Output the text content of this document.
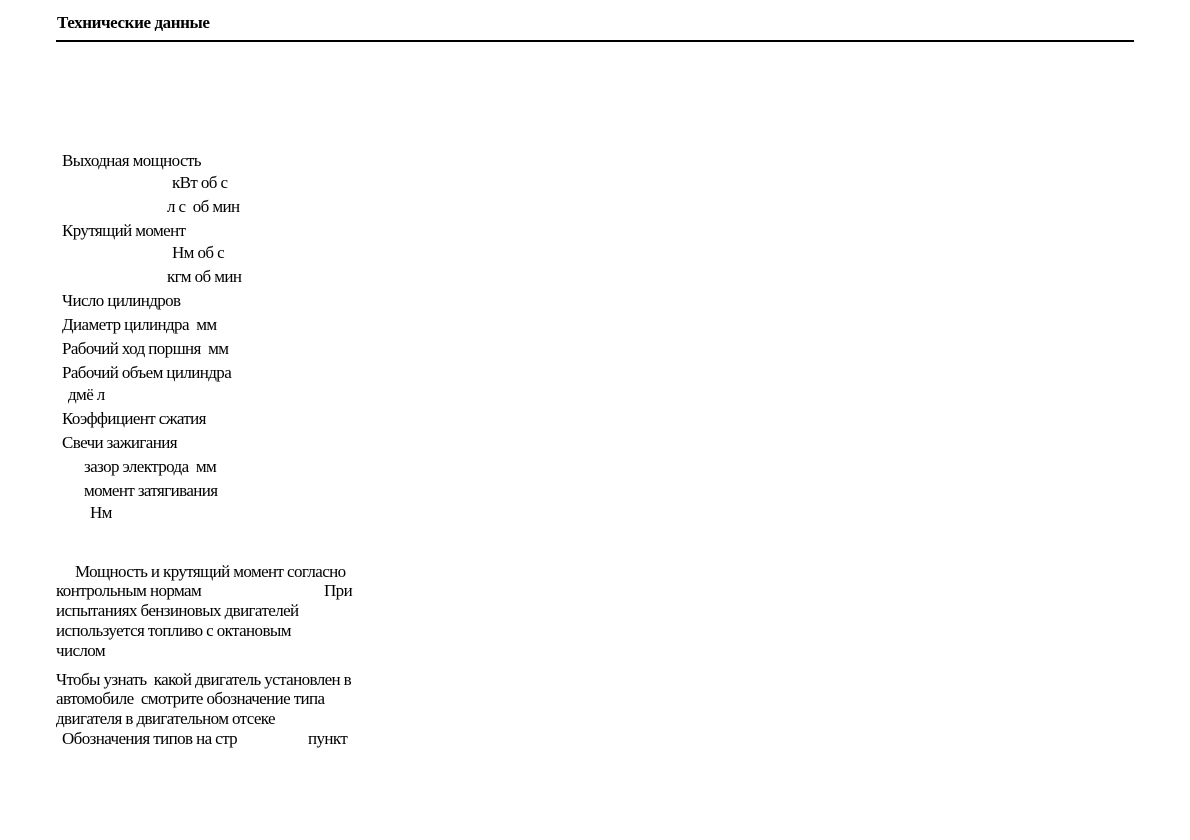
Технические данные
Выходная мощность
кВт об с
л с  об мин
Крутящий момент
Нм об с
кгм об мин
Число цилиндров
Диаметр цилиндра  мм
Рабочий ход поршня  мм
Рабочий объем цилиндра
дмё л
Коэффициент сжатия
Свечи зажигания
зазор электрода  мм
момент затягивания
Нм
Мощность и крутящий момент согласно
контрольным нормам	При
испытаниях бензиновых двигателей
используется топливо с октановым
числом
Чтобы узнать  какой двигатель установлен в
автомобиле  смотрите обозначение типа
двигателя в двигательном отсеке
Обозначения типов на стр	пункт
